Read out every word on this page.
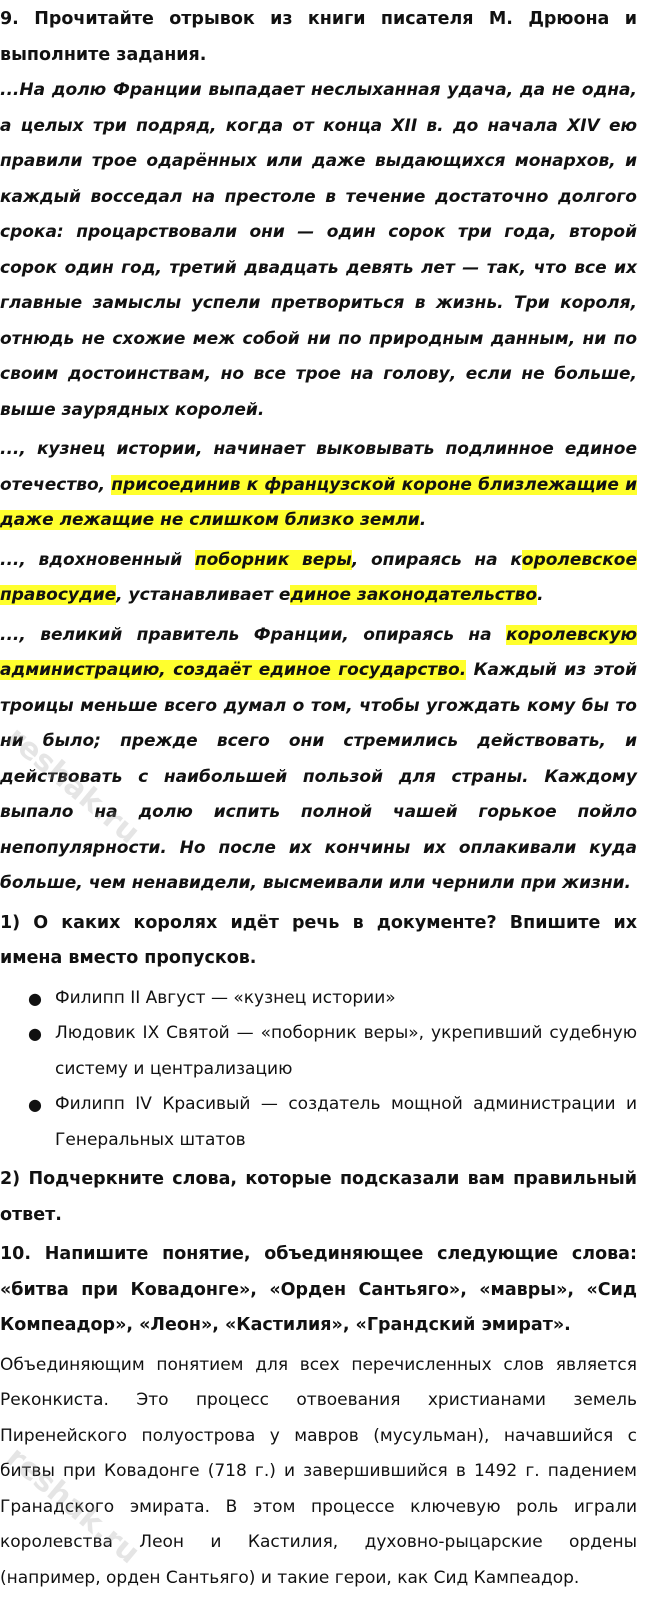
9. Прочитайте отрывок из книги писателя М. Дрюона и выполните задания.

...На долю Франции выпадает неслыханная удача, да не одна, а целых три подряд, когда от конца XII в. до начала XIV ею правили трое одарённых или даже выдающихся монархов, и каждый восседал на престоле в течение достаточно долгого срока: процарствовали они — один сорок три года, второй сорок один год, третий двадцать девять лет — так, что все их главные замыслы успели претвориться в жизнь. Три короля, отнюдь не схожие меж собой ни по природным данным, ни по своим достоинствам, но все трое на голову, если не больше, выше заурядных королей.
..., кузнец истории, начинает выковывать подлинное единое отечество, присоединив к французской короне близлежащие и даже лежащие не слишком близко земли.
..., вдохновенный поборник веры, опираясь на королевское правосудие, устанавливает единое законодательство.
..., великий правитель Франции, опираясь на королевскую администрацию, создаёт единое государство. Каждый из этой троицы меньше всего думал о том, чтобы угождать кому бы то ни было; прежде всего они стремились действовать, и действовать с наибольшей пользой для страны. Каждому выпало на долю испить полной чашей горькое пойло непопулярности. Но после их кончины их оплакивали куда больше, чем ненавидели, высмеивали или чернили при жизни.

1) О каких королях идёт речь в документе? Впишите их имена вместо пропусков.

● Филипп II Август — «кузнец истории»
● Людовик IX Святой — «поборник веры», укрепивший судебную систему и централизацию
● Филипп IV Красивый — создатель мощной администрации и Генеральных штатов

2) Подчеркните слова, которые подсказали вам правильный ответ.

10. Напишите понятие, объединяющее следующие слова: «битва при Ковадонге», «Орден Сантьяго», «мавры», «Сид Компеадор», «Леон», «Кастилия», «Грандский эмират».

Объединяющим понятием для всех перечисленных слов является Реконкиста. Это процесс отвоевания христианами земель Пиренейского полуострова у мавров (мусульман), начавшийся с битвы при Ковадонге (718 г.) и завершившийся в 1492 г. падением Гранадского эмирата. В этом процессе ключевую роль играли королевства Леон и Кастилия, духовно-рыцарские ордены (например, орден Сантьяго) и такие герои, как Сид Кампеадор.

reshak.ru
reshak.ru
